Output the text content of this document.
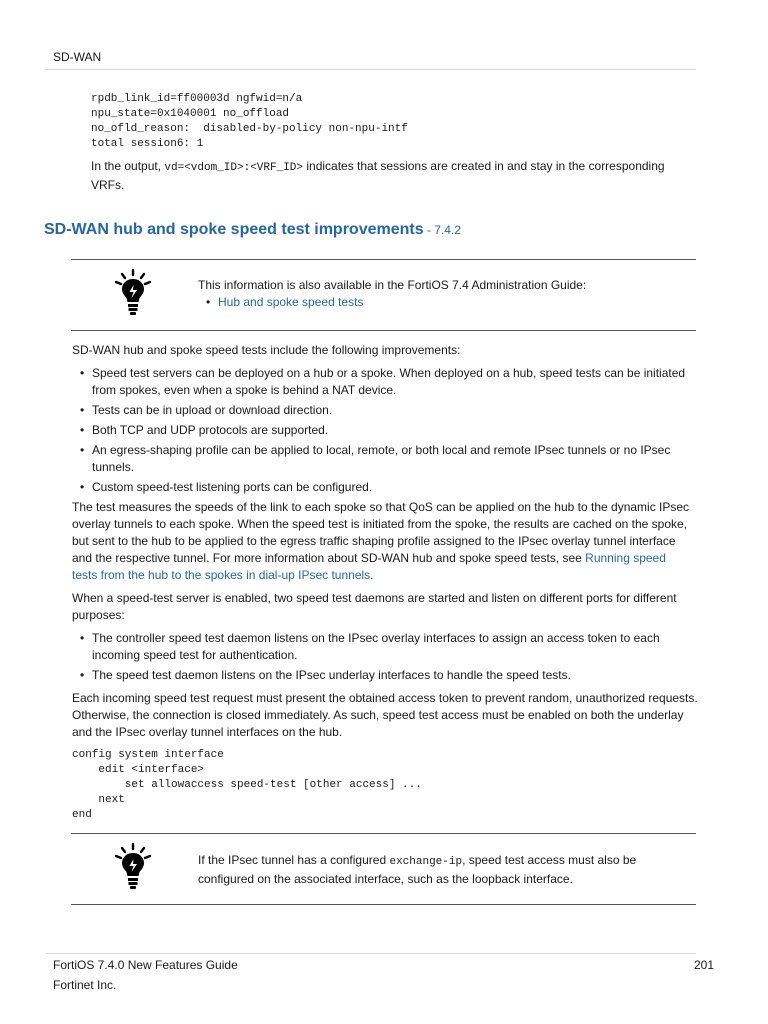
SD-WAN
rpdb_link_id=ff00003d ngfwid=n/a
npu_state=0x1040001 no_offload
no_ofld_reason:  disabled-by-policy non-npu-intf
total session6: 1

In the output, vd=<vdom_ID>:<VRF_ID> indicates that sessions are created in and stay in the corresponding VRFs.

SD-WAN hub and spoke speed test improvements - 7.4.2

This information is also available in the FortiOS 7.4 Administration Guide:

• Hub and spoke speed tests

SD-WAN hub and spoke speed tests include the following improvements:

• Speed test servers can be deployed on a hub or a spoke. When deployed on a hub, speed tests can be initiated from spokes, even when a spoke is behind a NAT device.
• Tests can be in upload or download direction.
• Both TCP and UDP protocols are supported.
• An egress-shaping profile can be applied to local, remote, or both local and remote IPsec tunnels or no IPsec tunnels.
• Custom speed-test listening ports can be configured.

The test measures the speeds of the link to each spoke so that QoS can be applied on the hub to the dynamic IPsec overlay tunnels to each spoke. When the speed test is initiated from the spoke, the results are cached on the spoke, but sent to the hub to be applied to the egress traffic shaping profile assigned to the IPsec overlay tunnel interface and the respective tunnel. For more information about SD-WAN hub and spoke speed tests, see Running speed tests from the hub to the spokes in dial-up IPsec tunnels.

When a speed-test server is enabled, two speed test daemons are started and listen on different ports for different purposes:

• The controller speed test daemon listens on the IPsec overlay interfaces to assign an access token to each incoming speed test for authentication.
• The speed test daemon listens on the IPsec underlay interfaces to handle the speed tests.

Each incoming speed test request must present the obtained access token to prevent random, unauthorized requests. Otherwise, the connection is closed immediately. As such, speed test access must be enabled on both the underlay and the IPsec overlay tunnel interfaces on the hub.

config system interface
edit <interface>
set allowaccess speed-test [other access] ...
next
end

If the IPsec tunnel has a configured exchange-ip, speed test access must also be configured on the associated interface, such as the loopback interface.

FortiOS 7.4.0 New Features Guide
Fortinet Inc.
201
